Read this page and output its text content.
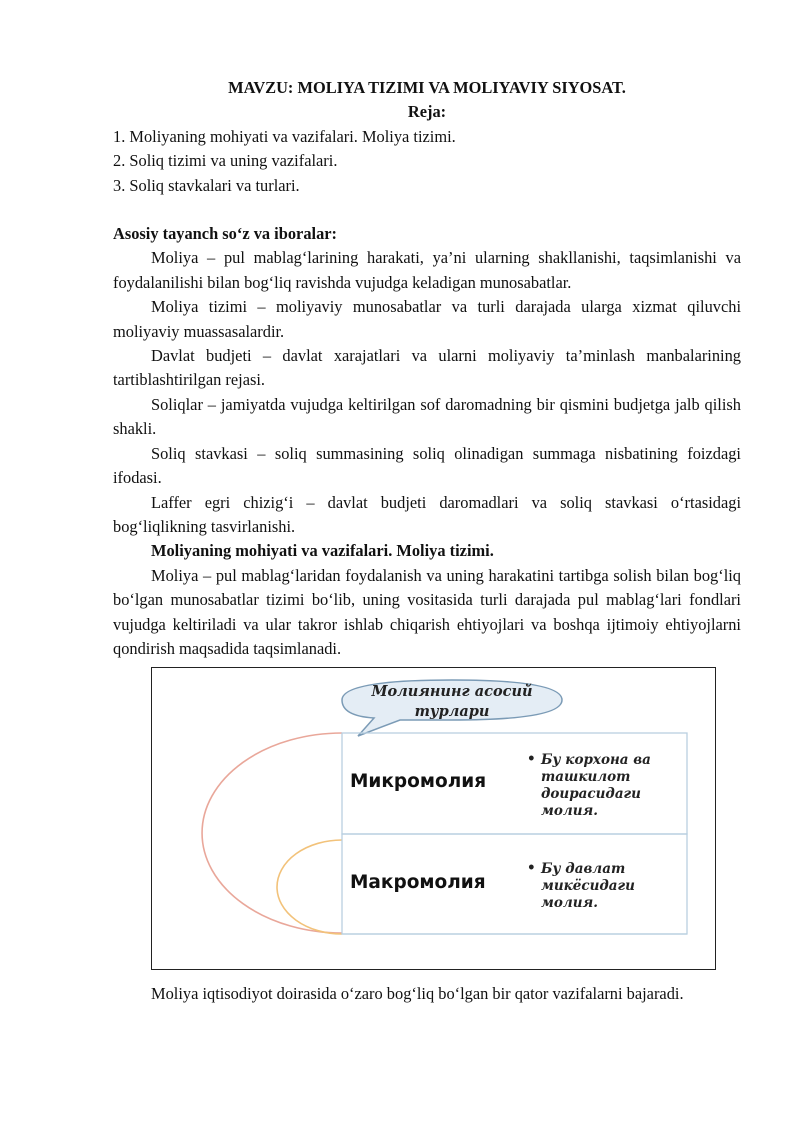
MAVZU: MOLIYA TIZIMI VA MOLIYAVIY SIYOSAT.
Reja:
1. Moliyaning mohiyati va vazifalari. Moliya tizimi.
2. Soliq tizimi va uning vazifalari.
3. Soliq stavkalari va turlari.
Asosiy tayanch so‘z va iboralar:

Moliya – pul mablag‘larining harakati, ya’ni ularning shakllanishi, taqsimlanishi va foydalanilishi bilan bog‘liq ravishda vujudga keladigan munosabatlar.

Moliya tizimi – moliyaviy munosabatlar va turli darajada ularga xizmat qiluvchi moliyaviy muassasalardir.

Davlat budjeti – davlat xarajatlari va ularni moliyaviy ta’minlash manbalarining tartiblashtirilgan rejasi.

Soliqlar – jamiyatda vujudga keltirilgan sof daromadning bir qismini budjetga jalb qilish shakli.

Soliq stavkasi – soliq summasining soliq olinadigan summaga nisbatining foizdagi ifodasi.

Laffer egri chizig‘i – davlat budjeti daromadlari va soliq stavkasi o‘rtasidagi bog‘liqlikning tasvirlanishi.

Moliyaning mohiyati va vazifalari. Moliya tizimi.

Moliya – pul mablag‘laridan foydalanish va uning harakatini tartibga solish bilan bog‘liq bo‘lgan munosabatlar tizimi bo‘lib, uning vositasida turli darajada pul mablag‘lari fondlari vujudga keltiriladi va ular takror ishlab chiqarish ehtiyojlari va boshqa ijtimoiy ehtiyojlarni qondirish maqsadida taqsimlanadi.

Молиянинг асосий турлари
Микромолия
• Бу корхона ва ташкилот доирасидаги молия.
Макромолия
• Бу давлат микёсидаги молия.

Moliya iqtisodiyot doirasida o‘zaro bog‘liq bo‘lgan bir qator vazifalarni bajaradi.
